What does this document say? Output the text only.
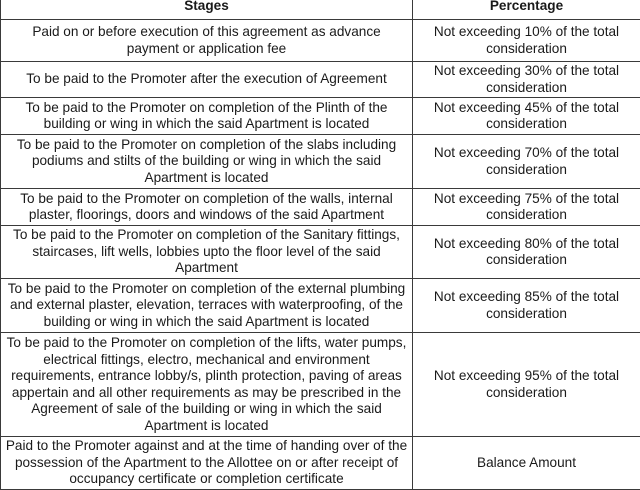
Stages	Percentage
Paid on or before execution of this agreement as advance payment or application fee	Not exceeding 10% of the total consideration
To be paid to the Promoter after the execution of Agreement	Not exceeding 30% of the total consideration
To be paid to the Promoter on completion of the Plinth of the building or wing in which the said Apartment is located	Not exceeding 45% of the total consideration
To be paid to the Promoter on completion of the slabs including podiums and stilts of the building or wing in which the said Apartment is located	Not exceeding 70% of the total consideration
To be paid to the Promoter on completion of the walls, internal plaster, floorings, doors and windows of the said Apartment	Not exceeding 75% of the total consideration
To be paid to the Promoter on completion of the Sanitary fittings, staircases, lift wells, lobbies upto the floor level of the said Apartment	Not exceeding 80% of the total consideration
To be paid to the Promoter on completion of the external plumbing and external plaster, elevation, terraces with waterproofing, of the building or wing in which the said Apartment is located	Not exceeding 85% of the total consideration
To be paid to the Promoter on completion of the lifts, water pumps, electrical fittings, electro, mechanical and environment requirements, entrance lobby/s, plinth protection, paving of areas appertain and all other requirements as may be prescribed in the Agreement of sale of the building or wing in which the said Apartment is located	Not exceeding 95% of the total consideration
Paid to the Promoter against and at the time of handing over of the possession of the Apartment to the Allottee on or after receipt of occupancy certificate or completion certificate	Balance Amount
